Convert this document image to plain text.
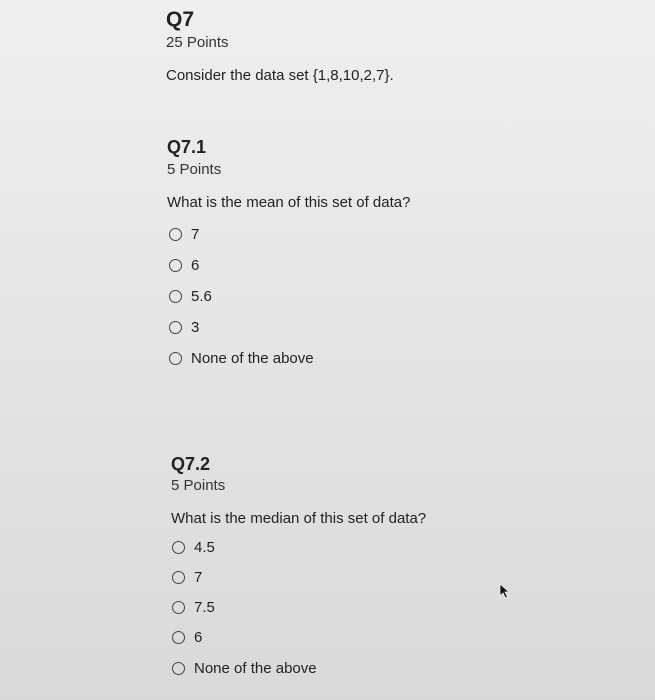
Q7
25 Points
Consider the data set {1,8,10,2,7}.
Q7.1
5 Points
What is the mean of this set of data?
7
6
5.6
3
None of the above
Q7.2
5 Points
What is the median of this set of data?
4.5
7
7.5
6
None of the above
